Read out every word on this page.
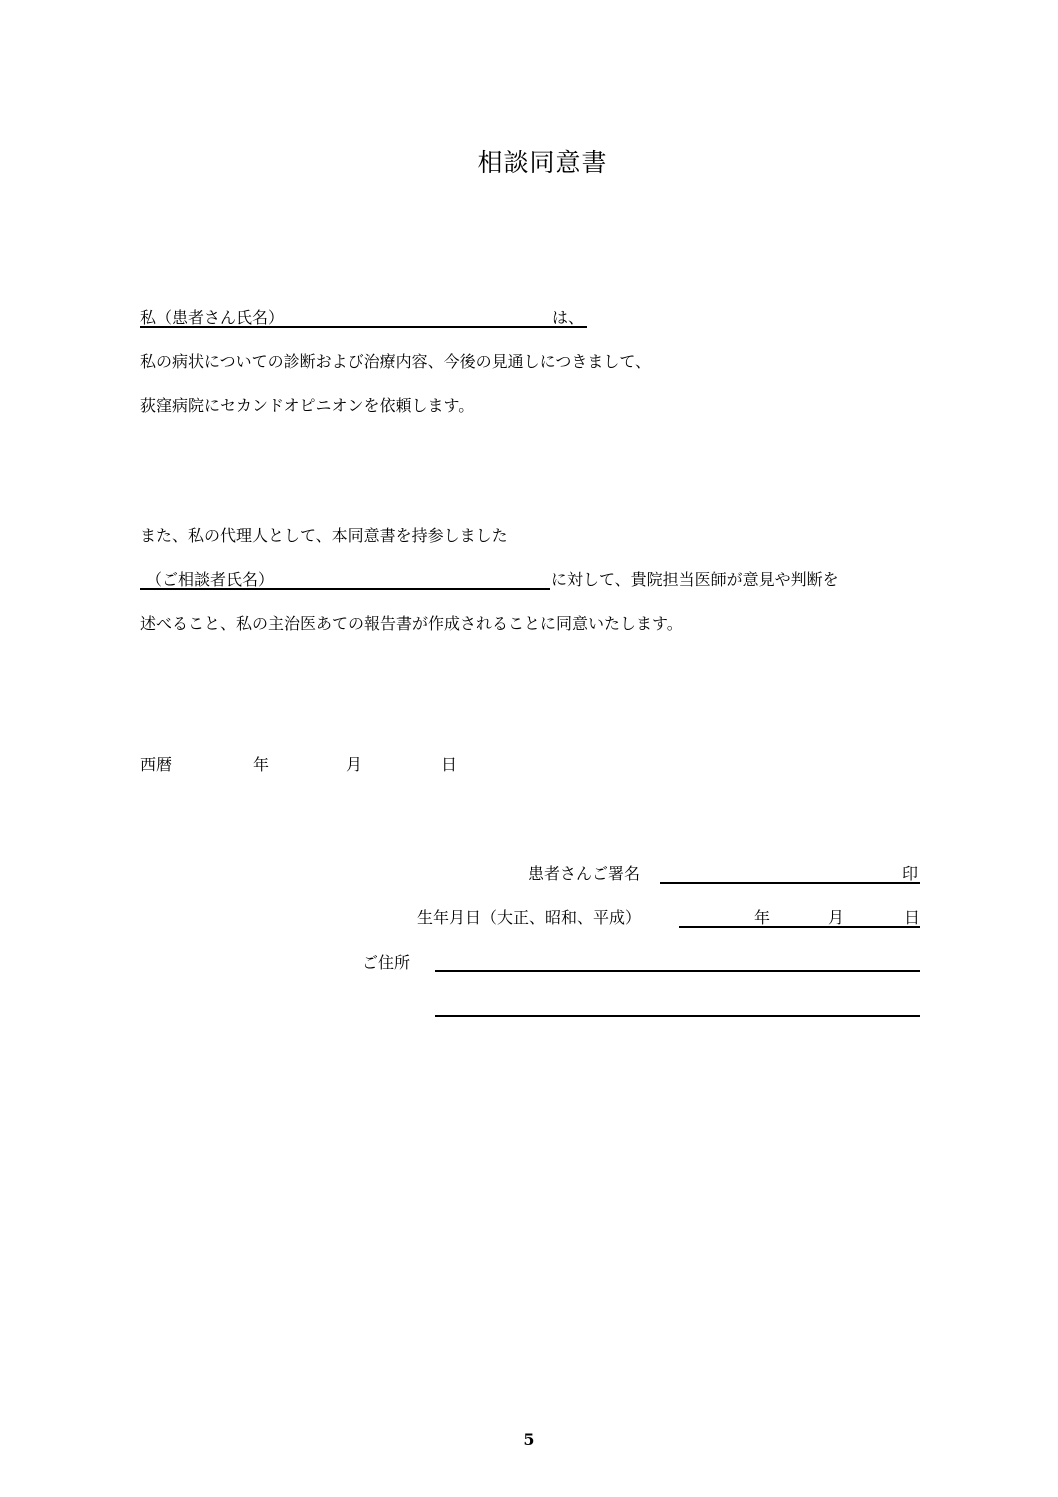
相談同意書
私（患者さん氏名）	は、
私の病状についての診断および治療内容、今後の見通しにつきまして、
荻窪病院にセカンドオピニオンを依頼します。
また、私の代理人として、本同意書を持参しました
（ご相談者氏名）	に対して、貴院担当医師が意見や判断を
述べること、私の主治医あての報告書が作成されることに同意いたします。
西暦	年	月	日
患者さんご署名	印
生年月日（大正、昭和、平成）	年	月	日
ご住所
5
